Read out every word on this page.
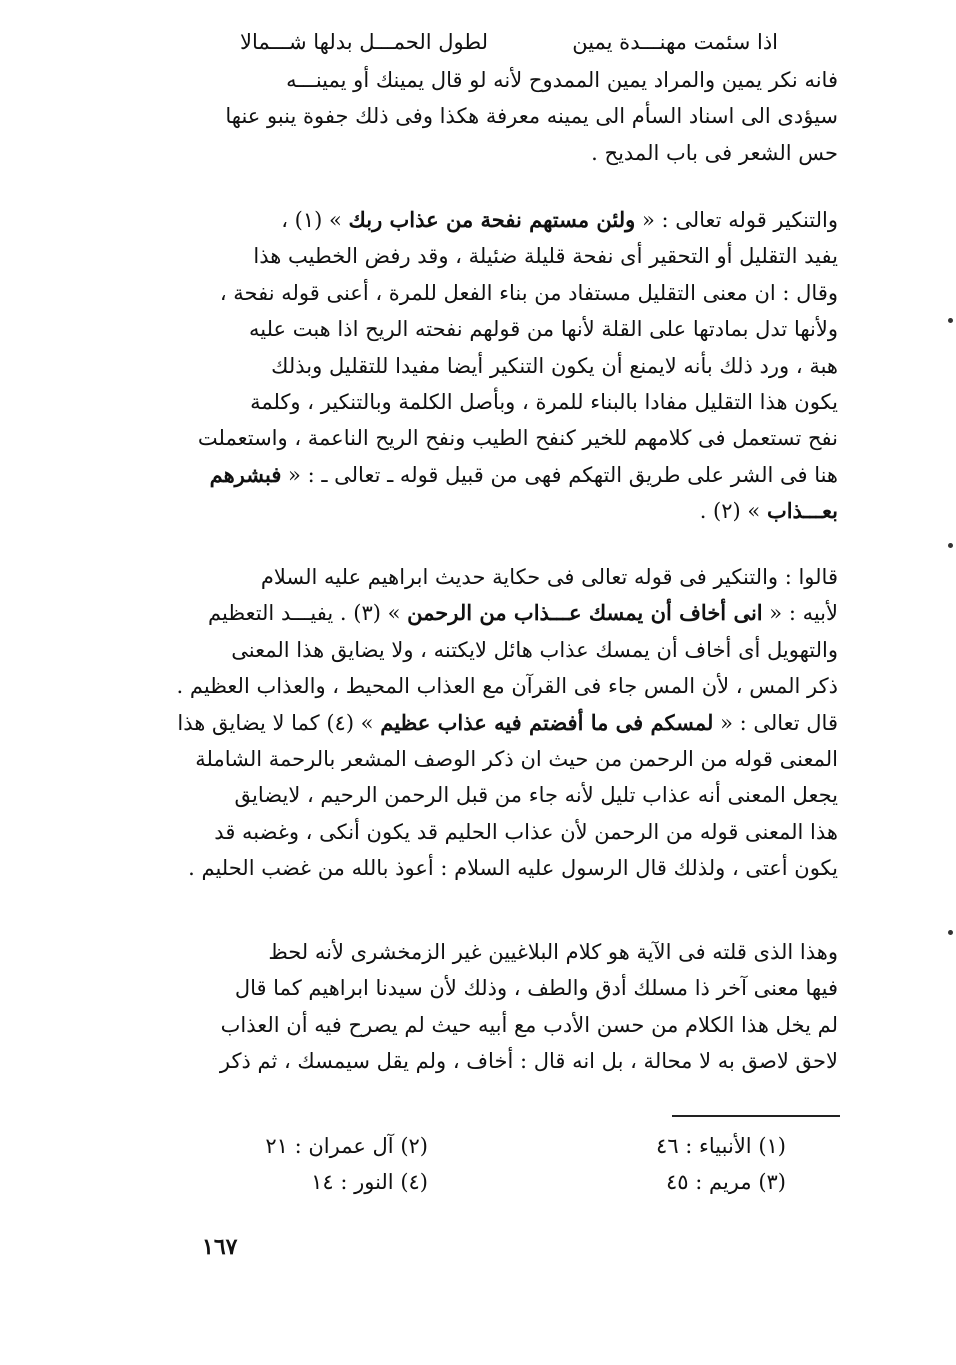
اذا سئمت مهنـــدة يمين
لطول الحمـــل بدلها شـــمالا
فانه نكر يمين والمراد يمين الممدوح لأنه لو قال يمينك أو يمينـــه
سيؤدى الى اسناد السأم الى يمينه معرفة هكذا وفى ذلك جفوة ينبو عنها
حس الشعر فى باب المديح .
والتنكير قوله تعالى : « ولئن مستهم نفحة من عذاب ربك » (١) ،
يفيد التقليل أو التحقير أى نفحة قليلة ضئيلة ، وقد رفض الخطيب هذا
وقال : ان معنى التقليل مستفاد من بناء الفعل للمرة ، أعنى قوله نفحة ،
ولأنها تدل بمادتها على القلة لأنها من قولهم نفحته الريح اذا هبت عليه
هبة ، ورد ذلك بأنه لايمنع أن يكون التنكير أيضا مفيدا للتقليل وبذلك
يكون هذا التقليل مفادا بالبناء للمرة ، وبأصل الكلمة وبالتنكير ، وكلمة
نفح تستعمل فى كلامهم للخير كنفح الطيب ونفح الريح الناعمة ، واستعملت
هنا فى الشر على طريق التهكم فهى من قبيل قوله ـ تعالى ـ : « فبشرهم
بعـــذاب » (٢) .
قالوا : والتنكير فى قوله تعالى فى حكاية حديث ابراهيم عليه السلام
لأبيه : « انى أخاف أن يمسك عـــذاب من الرحمن » (٣) . يفيـــد التعظيم
والتهويل أى أخاف أن يمسك عذاب هائل لايكتنه ، ولا يضايق هذا المعنى
ذكر المس ، لأن المس جاء فى القرآن مع العذاب المحيط ، والعذاب العظيم .
قال تعالى : « لمسكم فى ما أفضتم فيه عذاب عظيم » (٤) كما لا يضايق هذا
المعنى قوله من الرحمن من حيث ان ذكر الوصف المشعر بالرحمة الشاملة
يجعل المعنى أنه عذاب تليل لأنه جاء من قبل الرحمن الرحيم ، لايضايق
هذا المعنى قوله من الرحمن لأن عذاب الحليم قد يكون أنكى ، وغضبه قد
يكون أعتى ، ولذلك قال الرسول عليه السلام : أعوذ بالله من غضب الحليم .
وهذا الذى قلته فى الآية هو كلام البلاغيين غير الزمخشرى لأنه لحظ
فيها معنى آخر ذا مسلك أدق والطف ، وذلك لأن سيدنا ابراهيم كما قال
لم يخل هذا الكلام من حسن الأدب مع أبيه حيث لم يصرح فيه أن العذاب
لاحق لاصق به لا محالة ، بل انه قال : أخاف ، ولم يقل سيمسك ، ثم ذكر
(١) الأنبياء : ٤٦
(٢) آل عمران : ٢١
(٣) مريم : ٤٥
(٤) النور : ١٤
١٦٧
